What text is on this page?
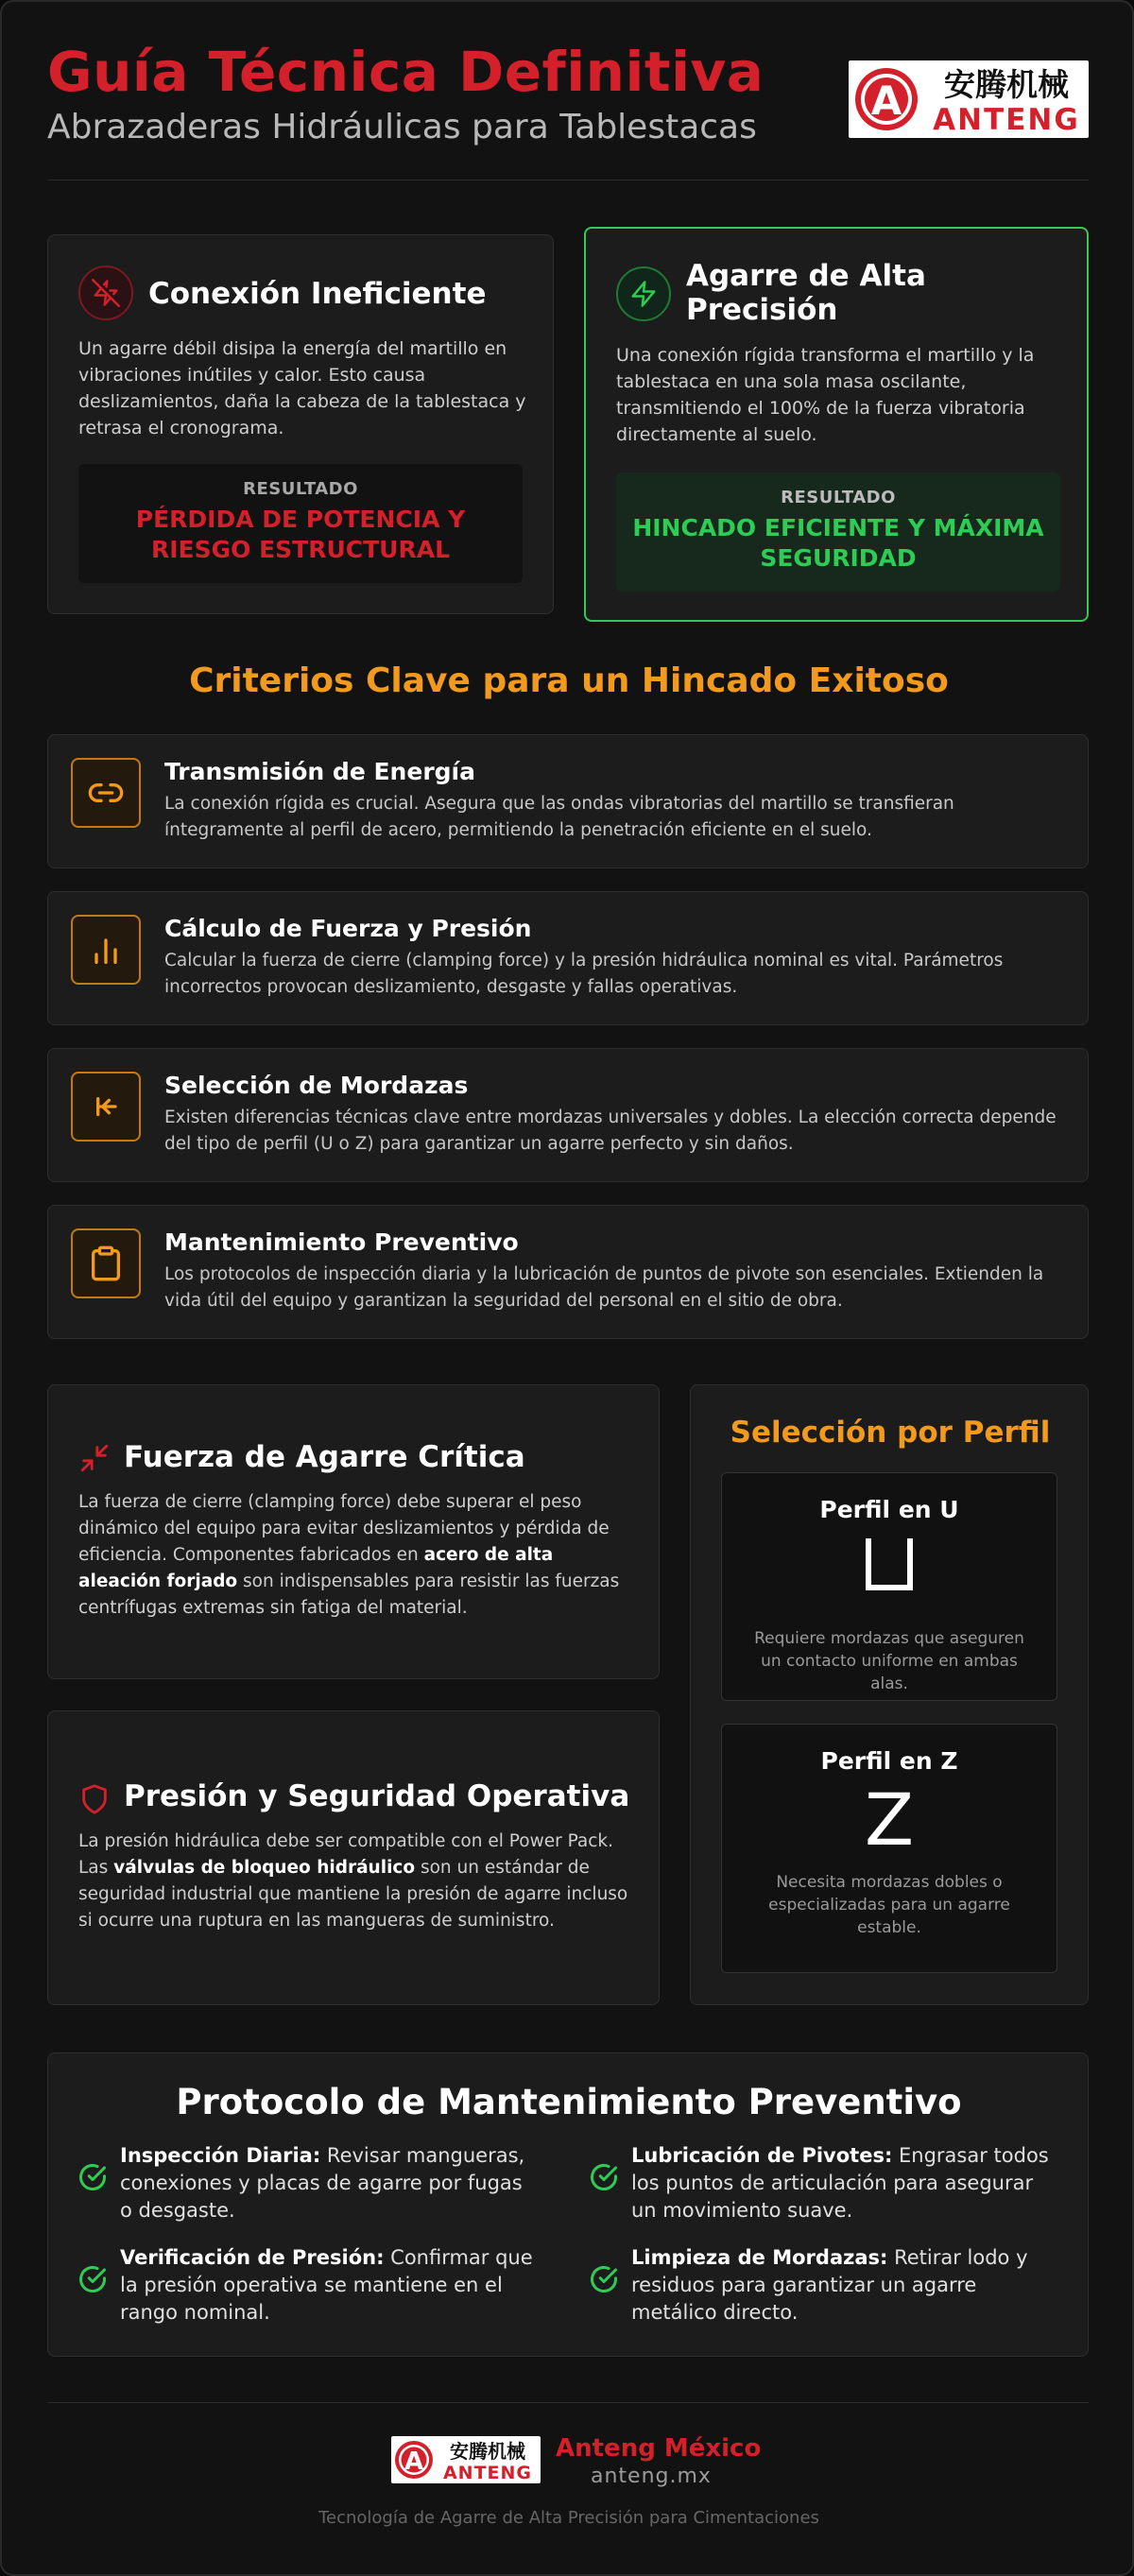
Guía Técnica Definitiva
Abrazaderas Hidráulicas para Tablestacas
A 安腾机械
ANTENG
Conexión Ineficiente
Un agarre débil disipa la energía del martillo en vibraciones inútiles y calor. Esto causa deslizamientos, daña la cabeza de la tablestaca y retrasa el cronograma.
RESULTADO
PÉRDIDA DE POTENCIA Y
RIESGO ESTRUCTURAL
Agarre de Alta
Precisión
Una conexión rígida transforma el martillo y la tablestaca en una sola masa oscilante, transmitiendo el 100% de la fuerza vibratoria directamente al suelo.
RESULTADO
HINCADO EFICIENTE Y MÁXIMA
SEGURIDAD
Criterios Clave para un Hincado Exitoso
Transmisión de Energía
La conexión rígida es crucial. Asegura que las ondas vibratorias del martillo se transfieran íntegramente al perfil de acero, permitiendo la penetración eficiente en el suelo.
Cálculo de Fuerza y Presión
Calcular la fuerza de cierre (clamping force) y la presión hidráulica nominal es vital. Parámetros incorrectos provocan deslizamiento, desgaste y fallas operativas.
Selección de Mordazas
Existen diferencias técnicas clave entre mordazas universales y dobles. La elección correcta depende del tipo de perfil (U o Z) para garantizar un agarre perfecto y sin daños.
Mantenimiento Preventivo
Los protocolos de inspección diaria y la lubricación de puntos de pivote son esenciales. Extienden la vida útil del equipo y garantizan la seguridad del personal en el sitio de obra.
Fuerza de Agarre Crítica
La fuerza de cierre (clamping force) debe superar el peso dinámico del equipo para evitar deslizamientos y pérdida de eficiencia. Componentes fabricados en acero de alta aleación forjado son indispensables para resistir las fuerzas centrífugas extremas sin fatiga del material.
Presión y Seguridad Operativa
La presión hidráulica debe ser compatible con el Power Pack. Las válvulas de bloqueo hidráulico son un estándar de seguridad industrial que mantiene la presión de agarre incluso si ocurre una ruptura en las mangueras de suministro.
Selección por Perfil
Perfil en U
Requiere mordazas que aseguren un contacto uniforme en ambas alas.
Perfil en Z
Z
Necesita mordazas dobles o especializadas para un agarre estable.
Protocolo de Mantenimiento Preventivo
Inspección Diaria: Revisar mangueras, conexiones y placas de agarre por fugas o desgaste.
Lubricación de Pivotes: Engrasar todos los puntos de articulación para asegurar un movimiento suave.
Verificación de Presión: Confirmar que la presión operativa se mantiene en el rango nominal.
Limpieza de Mordazas: Retirar lodo y residuos para garantizar un agarre metálico directo.
A 安腾机械
ANTENG
Anteng México
anteng.mx
Tecnología de Agarre de Alta Precisión para Cimentaciones
